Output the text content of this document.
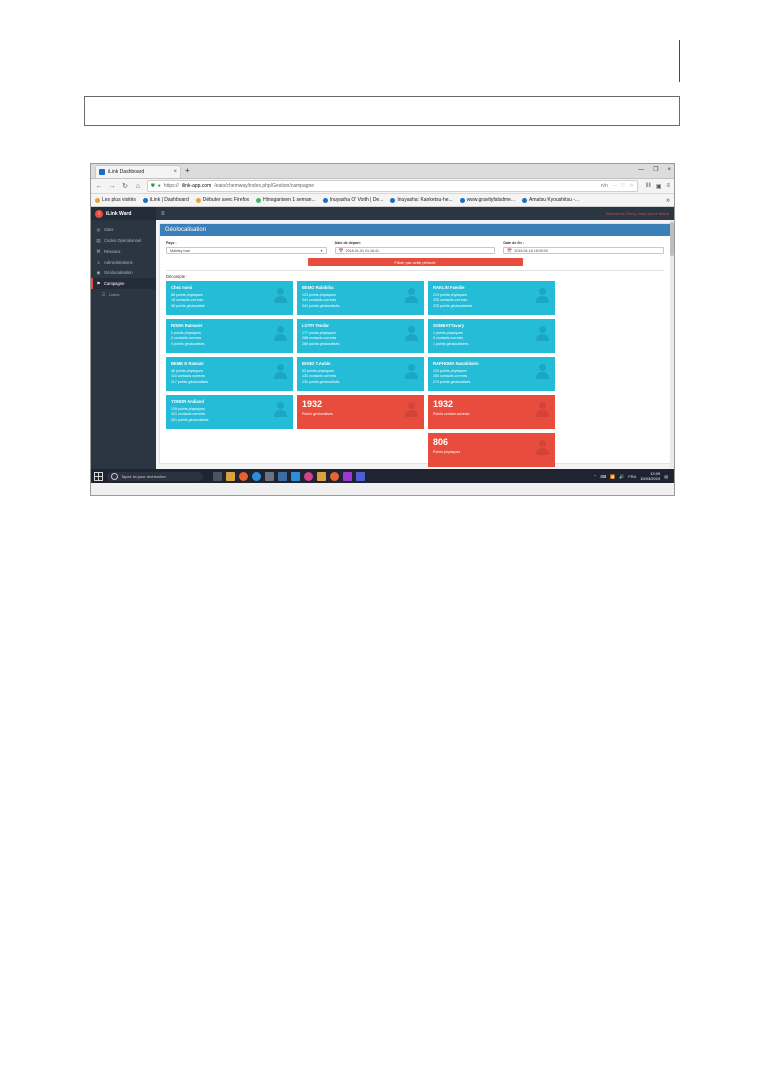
iLink Dashboard	× +	— ❐ ×
← → ↻ ⌂	⛊ ● https:// ilink-app.com /eaio/chemway/index.php/Gestion/campagne	n/n ··· ♡ ☆ ‖‖ ▣ ≡
Les plus visités	iLink | Dashboard	Débuter avec Firefox	Hinoganisen 1 seman...	Inuyasha O' Voith | De...	Inuyasha: Kanketsu-he...	www.gravityfalsdme...	Amatsu Kyoushitsu -...	»
i	iLink Ward	≡	Bienvenue Ramy Jean-pierre Marie
◎ Sites
▤ Codes Opérationnel
⌘ Réseaux
☺ Administrations
◉ Géolocalisation
⚑ Campagne
☰ Listes
Géolocalisation
Pays :
Mahitsy Ivan	▾
Date de départ:
📅 2018-01-01 01:16:41
Date de fin :
📅 2019-04-16 15:09:03
Filtrer par cette période
Décompte :
Chez nomi
68 points physiques
18 contacts corrects
98 points géolocalisé
BEMO Rabibiha
123 points physiques
341 contacts corrects
341 points géolocalisés
RAKLIN Familie
219 points physiques
225 contacts corrects
225 points géolocalisées
ROMA Ramaser
0 points physiques
0 contacts corrects
0 points géolocalisés
LOTFI Tendar
177 points physiques
288 contacts corrects
288 points géolocalisés
SOMBATTavary
1 points physiques
0 contacts corrects
1 points géolocalisées
BEME D Ramani
46 points physiques
118 contacts corrects
117 points géolocalisés
BOND T.Aubin
53 points physiques
130 contacts corrects
130 points géolocalisés
RAPHOMA Nanahitsiro
123 points physiques
260 contacts corrects
279 points géolocalisés
YONDR Andiand
139 points physiques
301 contacts corrects
301 points géolocalisés
1932
Points géolocalisés
1932
Points contact corrects
806
Points physiques
Tapez ici pour rechercher	⌃ ⌨ 📶 🔊 FRA	13:09
15/03/2019 ▤
